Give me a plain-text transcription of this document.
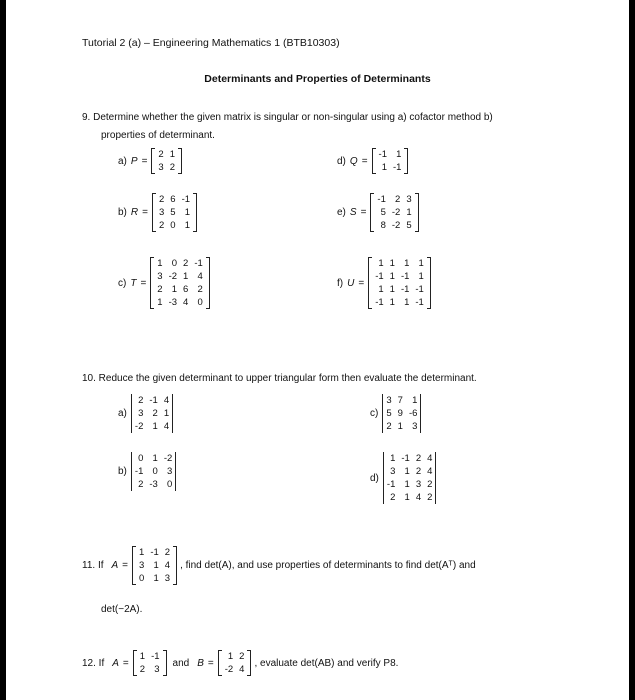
Tutorial 2 (a) – Engineering Mathematics 1 (BTB10303)
Determinants and Properties of Determinants
9. Determine whether the given matrix is singular or non-singular using a) cofactor method b)
properties of determinant.
a) P =
2	1
3	2
b) R =
2	6	-1
3	5	1
2	0	1
c) T =
1	0	2	-1
3	-2	1	4
2	1	6	2
1	-3	4	0
d) Q =
-1	1
1	-1
e) S =
-1	2	3
5	-2	1
8	-2	5
f) U =
1	1	1	1
-1	1	-1	1
1	1	-1	-1
-1	1	1	-1
10. Reduce the given determinant to upper triangular form then evaluate the determinant.
a)
2	-1	4
3	2	1
-2	1	4
b)
0	1	-2
-1	0	3
2	-3	0
c)
3	7	1
5	9	-6
2	1	3
d)
1	-1	2	4
3	1	2	4
-1	1	3	2
2	1	4	2
11. If A =
1	-1	2
3	1	4
0	1	3
, find det(A), and use properties of determinants to find det(Aᵀ) and
det(−2A).
12. If A =
1	-1
2	3
and B =
1	2
-2	4
, evaluate det(AB) and verify P8.
